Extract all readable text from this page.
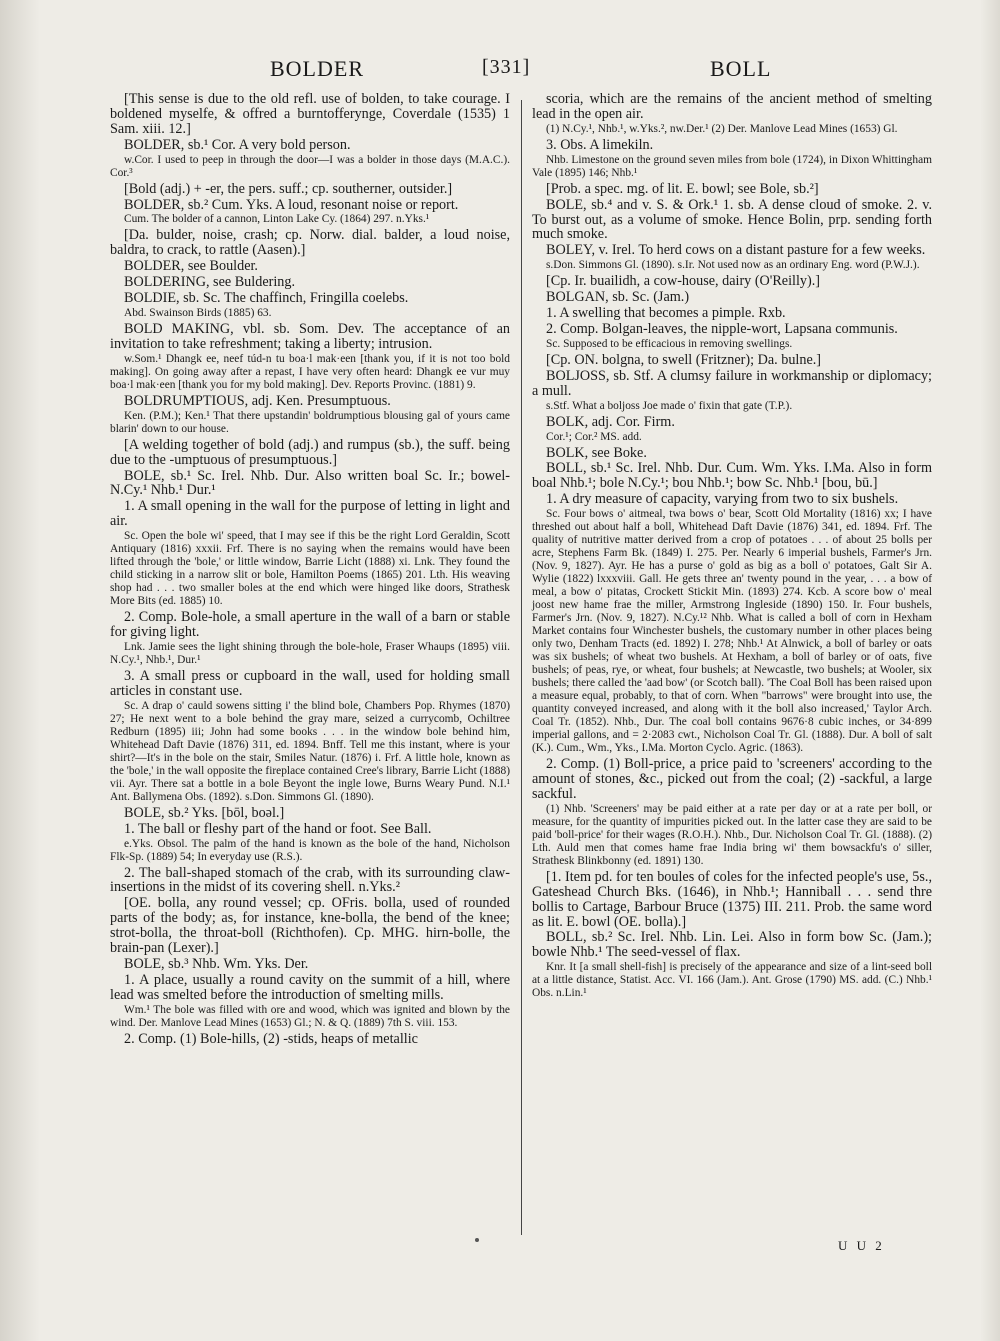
BOLDER	[331]	BOLL

[This sense is due to the old refl. use of bolden, to take courage. I boldened myselfe, & offred a burntofferynge, Coverdale (1535) 1 Sam. xiii. 12.]

BOLDER, sb.¹ Cor. A very bold person.

w.Cor. I used to peep in through the door—I was a bolder in those days (M.A.C.). Cor.³

[Bold (adj.) + -er, the pers. suff.; cp. southerner, outsider.]

BOLDER, sb.² Cum. Yks. A loud, resonant noise or report.

Cum. The bolder of a cannon, Linton Lake Cy. (1864) 297. n.Yks.¹

[Da. bulder, noise, crash; cp. Norw. dial. balder, a loud noise, baldra, to crack, to rattle (Aasen).]

BOLDER, see Boulder.

BOLDERING, see Buldering.

BOLDIE, sb. Sc. The chaffinch, Fringilla coelebs.

Abd. Swainson Birds (1885) 63.

BOLD MAKING, vbl. sb. Som. Dev. The acceptance of an invitation to take refreshment; taking a liberty; intrusion.

w.Som.¹ Dhangk ee, neef túd-n tu boa·l mak·een [thank you, if it is not too bold making]. On going away after a repast, I have very often heard: Dhangk ee vur muy boa·l mak·een [thank you for my bold making]. Dev. Reports Provinc. (1881) 9.

BOLDRUMPTIOUS, adj. Ken. Presumptuous.

Ken. (P.M.); Ken.¹ That there upstandin' boldrumptious blousing gal of yours came blarin' down to our house.

[A welding together of bold (adj.) and rumpus (sb.), the suff. being due to the -umptuous of presumptuous.]

BOLE, sb.¹ Sc. Irel. Nhb. Dur. Also written boal Sc. Ir.; bowel- N.Cy.¹ Nhb.¹ Dur.¹

1. A small opening in the wall for the purpose of letting in light and air.

Sc. Open the bole wi' speed, that I may see if this be the right Lord Geraldin, Scott Antiquary (1816) xxxii. Frf. There is no saying when the remains would have been lifted through the 'bole,' or little window, Barrie Licht (1888) xi. Lnk. They found the child sticking in a narrow slit or bole, Hamilton Poems (1865) 201. Lth. His weaving shop had . . . two smaller boles at the end which were hinged like doors, Strathesk More Bits (ed. 1885) 10.

2. Comp. Bole-hole, a small aperture in the wall of a barn or stable for giving light.

Lnk. Jamie sees the light shining through the bole-hole, Fraser Whaups (1895) viii. N.Cy.¹, Nhb.¹, Dur.¹

3. A small press or cupboard in the wall, used for holding small articles in constant use.

Sc. A drap o' cauld sowens sitting i' the blind bole, Chambers Pop. Rhymes (1870) 27; He next went to a bole behind the gray mare, seized a currycomb, Ochiltree Redburn (1895) iii; John had some books . . . in the window bole behind him, Whitehead Daft Davie (1876) 311, ed. 1894. Bnff. Tell me this instant, where is your shirt?—It's in the bole on the stair, Smiles Natur. (1876) i. Frf. A little hole, known as the 'bole,' in the wall opposite the fireplace contained Cree's library, Barrie Licht (1888) vii. Ayr. There sat a bottle in a bole Beyont the ingle lowe, Burns Weary Pund. N.I.¹ Ant. Ballymena Obs. (1892). s.Don. Simmons Gl. (1890).

BOLE, sb.² Yks. [bōl, boəl.]

1. The ball or fleshy part of the hand or foot. See Ball.

e.Yks. Obsol. The palm of the hand is known as the bole of the hand, Nicholson Flk-Sp. (1889) 54; In everyday use (R.S.).

2. The ball-shaped stomach of the crab, with its surrounding claw-insertions in the midst of its covering shell. n.Yks.²

[OE. bolla, any round vessel; cp. OFris. bolla, used of rounded parts of the body; as, for instance, kne-bolla, the bend of the knee; strot-bolla, the throat-boll (Richthofen). Cp. MHG. hirn-bolle, the brain-pan (Lexer).]

BOLE, sb.³ Nhb. Wm. Yks. Der.

1. A place, usually a round cavity on the summit of a hill, where lead was smelted before the introduction of smelting mills.

Wm.¹ The bole was filled with ore and wood, which was ignited and blown by the wind. Der. Manlove Lead Mines (1653) Gl.; N. & Q. (1889) 7th S. viii. 153.

2. Comp. (1) Bole-hills, (2) -stids, heaps of metallic

scoria, which are the remains of the ancient method of smelting lead in the open air.

(1) N.Cy.¹, Nhb.¹, w.Yks.², nw.Der.¹ (2) Der. Manlove Lead Mines (1653) Gl.

3. Obs. A limekiln.

Nhb. Limestone on the ground seven miles from bole (1724), in Dixon Whittingham Vale (1895) 146; Nhb.¹

[Prob. a spec. mg. of lit. E. bowl; see Bole, sb.²]

BOLE, sb.⁴ and v. S. & Ork.¹ 1. sb. A dense cloud of smoke. 2. v. To burst out, as a volume of smoke. Hence Bolin, prp. sending forth much smoke.

BOLEY, v. Irel. To herd cows on a distant pasture for a few weeks.

s.Don. Simmons Gl. (1890). s.Ir. Not used now as an ordinary Eng. word (P.W.J.).

[Cp. Ir. buailidh, a cow-house, dairy (O'Reilly).]

BOLGAN, sb. Sc. (Jam.)

1. A swelling that becomes a pimple. Rxb.

2. Comp. Bolgan-leaves, the nipple-wort, Lapsana communis.

Sc. Supposed to be efficacious in removing swellings.

[Cp. ON. bolgna, to swell (Fritzner); Da. bulne.]

BOLJOSS, sb. Stf. A clumsy failure in workmanship or diplomacy; a mull.

s.Stf. What a boljoss Joe made o' fixin that gate (T.P.).

BOLK, adj. Cor. Firm.

Cor.¹; Cor.² MS. add.

BOLK, see Boke.

BOLL, sb.¹ Sc. Irel. Nhb. Dur. Cum. Wm. Yks. I.Ma. Also in form boal Nhb.¹; bole N.Cy.¹; bou Nhb.¹; bow Sc. Nhb.¹ [bou, bū.]

1. A dry measure of capacity, varying from two to six bushels.

Sc. Four bows o' aitmeal, twa bows o' bear, Scott Old Mortality (1816) xx; I have threshed out about half a boll, Whitehead Daft Davie (1876) 341, ed. 1894. Frf. The quality of nutritive matter derived from a crop of potatoes . . . of about 25 bolls per acre, Stephens Farm Bk. (1849) I. 275. Per. Nearly 6 imperial bushels, Farmer's Jrn. (Nov. 9, 1827). Ayr. He has a purse o' gold as big as a boll o' potatoes, Galt Sir A. Wylie (1822) lxxxviii. Gall. He gets three an' twenty pound in the year, . . . a bow of meal, a bow o' pitatas, Crockett Stickit Min. (1893) 274. Kcb. A score bow o' meal joost new hame frae the miller, Armstrong Ingleside (1890) 150. Ir. Four bushels, Farmer's Jrn. (Nov. 9, 1827). N.Cy.¹² Nhb. What is called a boll of corn in Hexham Market contains four Winchester bushels, the customary number in other places being only two, Denham Tracts (ed. 1892) I. 278; Nhb.¹ At Alnwick, a boll of barley or oats was six bushels; of wheat two bushels. At Hexham, a boll of barley or of oats, five bushels; of peas, rye, or wheat, four bushels; at Newcastle, two bushels; at Wooler, six bushels; there called the 'aad bow' (or Scotch ball). 'The Coal Boll has been raised upon a measure equal, probably, to that of corn. When "barrows" were brought into use, the quantity conveyed increased, and along with it the boll also increased,' Taylor Arch. Coal Tr. (1852). Nhb., Dur. The coal boll contains 9676·8 cubic inches, or 34·899 imperial gallons, and = 2·2083 cwt., Nicholson Coal Tr. Gl. (1888). Dur. A boll of salt (K.). Cum., Wm., Yks., I.Ma. Morton Cyclo. Agric. (1863).

2. Comp. (1) Boll-price, a price paid to 'screeners' according to the amount of stones, &c., picked out from the coal; (2) -sackful, a large sackful.

(1) Nhb. 'Screeners' may be paid either at a rate per day or at a rate per boll, or measure, for the quantity of impurities picked out. In the latter case they are said to be paid 'boll-price' for their wages (R.O.H.). Nhb., Dur. Nicholson Coal Tr. Gl. (1888). (2) Lth. Auld men that comes hame frae India bring wi' them bowsackfu's o' siller, Strathesk Blinkbonny (ed. 1891) 130.

[1. Item pd. for ten boules of coles for the infected people's use, 5s., Gateshead Church Bks. (1646), in Nhb.¹; Hanniball . . . send thre bollis to Cartage, Barbour Bruce (1375) III. 211. Prob. the same word as lit. E. bowl (OE. bolla).]

BOLL, sb.² Sc. Irel. Nhb. Lin. Lei. Also in form bow Sc. (Jam.); bowle Nhb.¹ The seed-vessel of flax.

Knr. It [a small shell-fish] is precisely of the appearance and size of a lint-seed boll at a little distance, Statist. Acc. VI. 166 (Jam.). Ant. Grose (1790) MS. add. (C.) Nhb.¹ Obs. n.Lin.¹

U U 2
